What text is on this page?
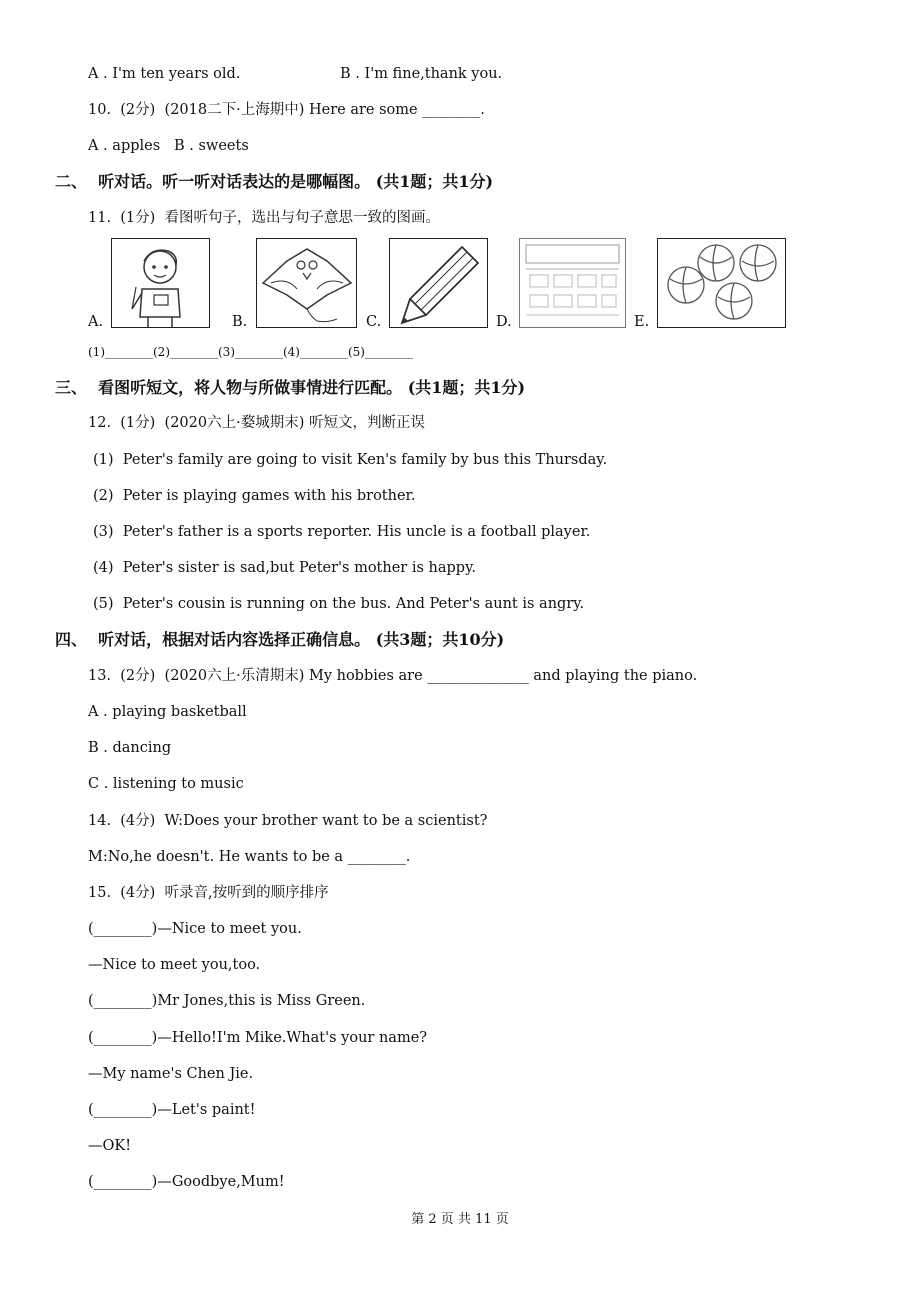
A . I'm ten years old.	B . I'm fine,thank you.
10.  (2分)  (2018二下·上海期中) Here are some ________.
A . apples   B . sweets
二、  听对话。听一听对话表达的是哪幅图。 (共1题；共1分)
11.  (1分)  看图听句子，选出与句子意思一致的图画。
A.	B.	C.	D.	E.
(1)________(2)________(3)________(4)________(5)________
三、  看图听短文，将人物与所做事情进行匹配。 (共1题；共1分)
12.  (1分)  (2020六上·婺城期末) 听短文，判断正误
(1)  Peter's family are going to visit Ken's family by bus this Thursday.
(2)  Peter is playing games with his brother.
(3)  Peter's father is a sports reporter. His uncle is a football player.
(4)  Peter's sister is sad,but Peter's mother is happy.
(5)  Peter's cousin is running on the bus. And Peter's aunt is angry.
四、  听对话，根据对话内容选择正确信息。 (共3题；共10分)
13.  (2分)  (2020六上·乐清期末) My hobbies are ______________ and playing the piano.
A . playing basketball
B . dancing
C . listening to music
14.  (4分)  W:Does your brother want to be a scientist?
M:No,he doesn't. He wants to be a ________.
15.  (4分)  听录音,按听到的顺序排序
(________)—Nice to meet you.
—Nice to meet you,too.
(________)Mr Jones,this is Miss Green.
(________)—Hello!I'm Mike.What's your name?
—My name's Chen Jie.
(________)—Let's paint!
—OK!
(________)—Goodbye,Mum!
第 2 页 共 11 页
